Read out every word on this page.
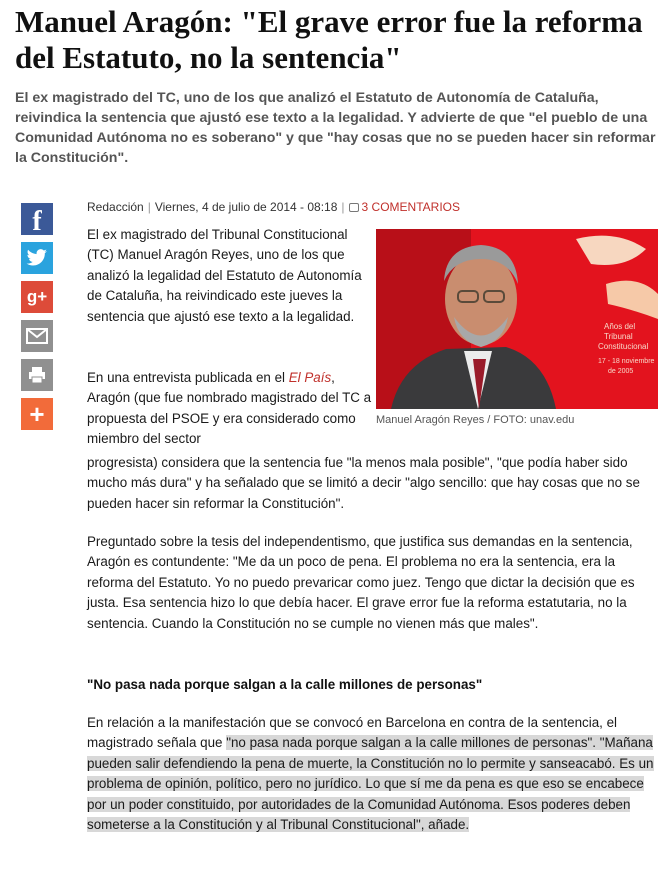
Manuel Aragón: "El grave error fue la reforma del Estatuto, no la sentencia"

El ex magistrado del TC, uno de los que analizó el Estatuto de Autonomía de Cataluña, reivindica la sentencia que ajustó ese texto a la legalidad. Y advierte de que "el pueblo de una Comunidad Autónoma no es soberano" y que "hay cosas que no se pueden hacer sin reformar la Constitución".

f
g+
+
Redacción | Viernes, 4 de julio de 2014 - 08:18 | 3 COMENTARIOS
Años del
Tribunal
Constitucional
17 - 18 noviembre
de 2005
Manuel Aragón Reyes / FOTO: unav.edu

El ex magistrado del Tribunal Constitucional (TC) Manuel Aragón Reyes, uno de los que analizó la legalidad del Estatuto de Autonomía de Cataluña, ha reivindicado este jueves la sentencia que ajustó ese texto a la legalidad.

En una entrevista publicada en el El País, Aragón (que fue nombrado magistrado del TC a propuesta del PSOE y era considerado como miembro del sector

progresista) considera que la sentencia fue "la menos mala posible", "que podía haber sido mucho más dura" y ha señalado que se limitó a decir "algo sencillo: que hay cosas que no se pueden hacer sin reformar la Constitución".

Preguntado sobre la tesis del independentismo, que justifica sus demandas en la sentencia, Aragón es contundente: "Me da un poco de pena. El problema no era la sentencia, era la reforma del Estatuto. Yo no puedo prevaricar como juez. Tengo que dictar la decisión que es justa. Esa sentencia hizo lo que debía hacer. El grave error fue la reforma estatutaria, no la sentencia. Cuando la Constitución no se cumple no vienen más que males".

"No pasa nada porque salgan a la calle millones de personas"

En relación a la manifestación que se convocó en Barcelona en contra de la sentencia, el magistrado señala que "no pasa nada porque salgan a la calle millones de personas". "Mañana pueden salir defendiendo la pena de muerte, la Constitución no lo permite y sanseacabó. Es un problema de opinión, político, pero no jurídico. Lo que sí me da pena es que eso se encabece por un poder constituido, por autoridades de la Comunidad Autónoma. Esos poderes deben someterse a la Constitución y al Tribunal Constitucional", añade.
